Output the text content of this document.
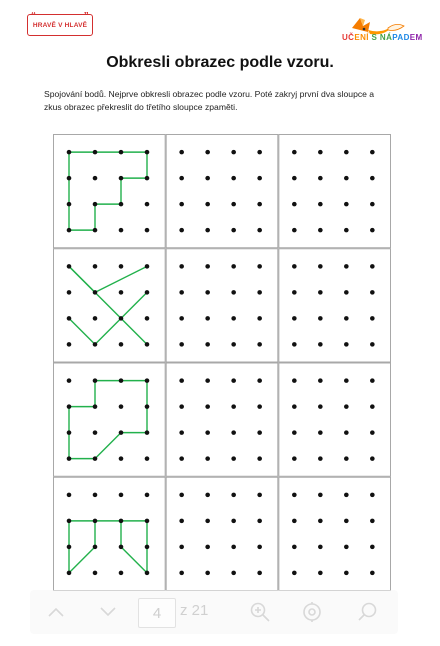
“
HRAVĚ V HLAVĚ
”
UČENÍ S NÁPADEM
Obkresli obrazec podle vzoru.
Spojování bodů. Nejprve obkresli obrazec podle vzoru. Poté zakryj první dva sloupce a zkus obrazec překreslit do třetího sloupce zpaměti.
4	z 21
